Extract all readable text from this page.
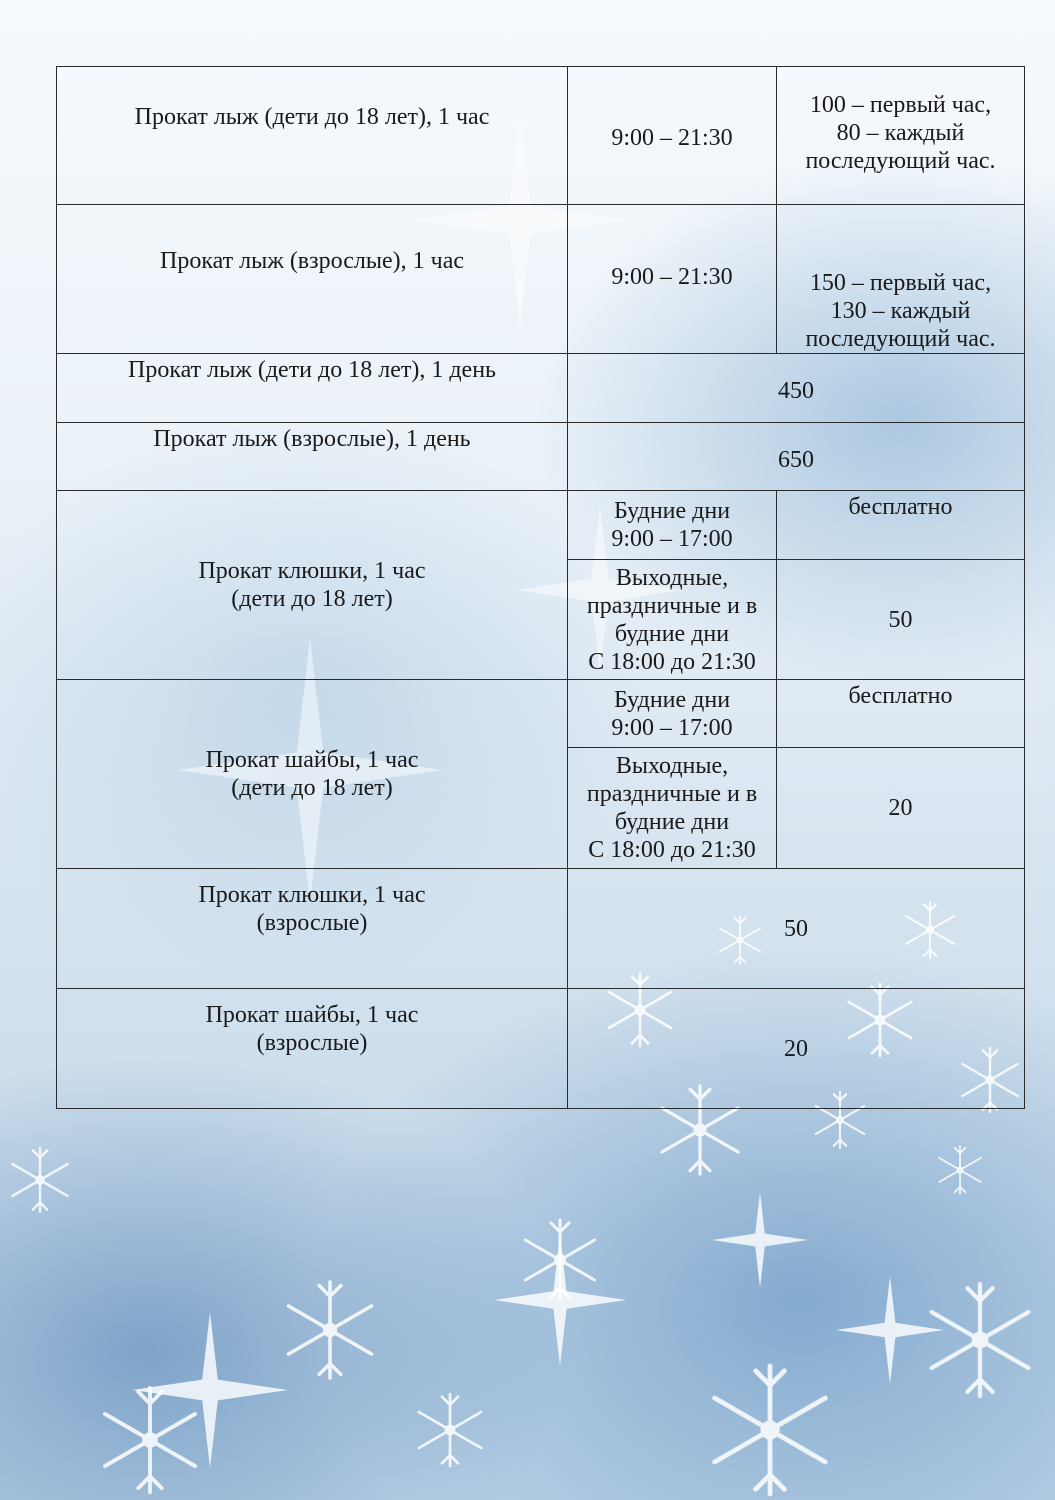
Прокат лыж (дети до 18 лет), 1 час	9:00 – 21:30	100 – первый час,
80 – каждый
последующий час.

Прокат лыж (взрослые), 1 час	9:00 – 21:30	150 – первый час,
130 – каждый
последующий час.

Прокат лыж (дети до 18 лет), 1 день	450	

Прокат лыж (взрослые), 1 день	650	

Прокат клюшки, 1 час
(дети до 18 лет)	Будние дни
9:00 – 17:00	бесплатно

	Выходные,
праздничные и в
будние дни
С 18:00 до 21:30	50

Прокат шайбы, 1 час
(дети до 18 лет)	Будние дни
9:00 – 17:00	бесплатно

	Выходные,
праздничные и в
будние дни
С 18:00 до 21:30	20

Прокат клюшки, 1 час
(взрослые)	50	

Прокат шайбы, 1 час
(взрослые)	20	
